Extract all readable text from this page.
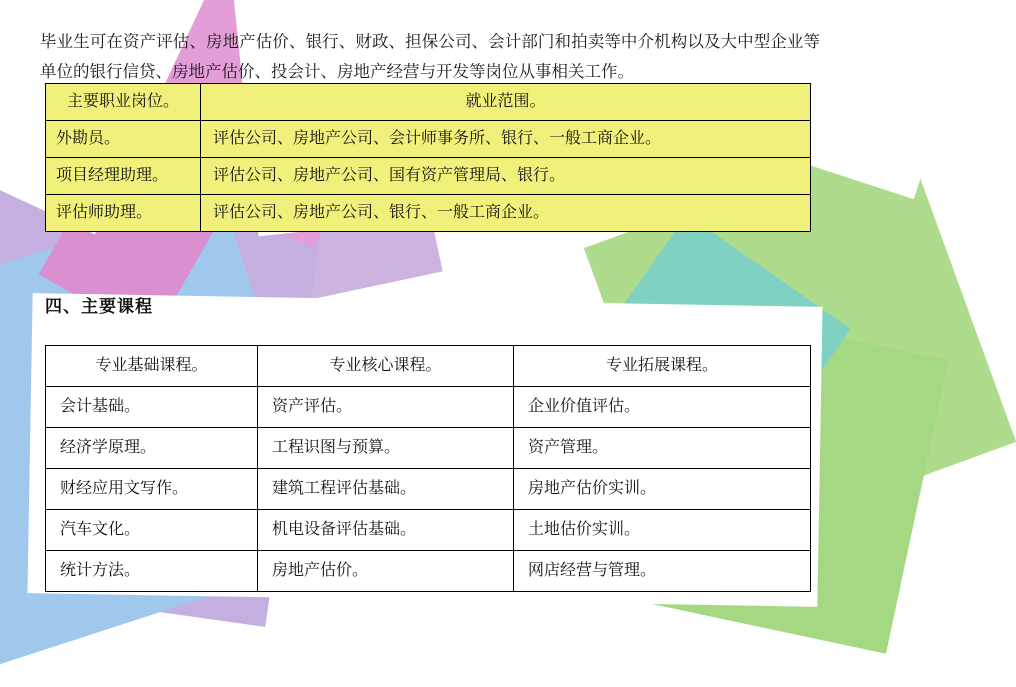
毕业生可在资产评估、房地产估价、银行、财政、担保公司、会计部门和拍卖等中介机构以及大中型企业等单位的银行信贷、房地产估价、投会计、房地产经营与开发等岗位从事相关工作。

主要职业岗位。	就业范围。
外勘员。	评估公司、房地产公司、会计师事务所、银行、一般工商企业。
项目经理助理。	评估公司、房地产公司、国有资产管理局、银行。
评估师助理。	评估公司、房地产公司、银行、一般工商企业。
四、主要课程
专业基础课程。	专业核心课程。	专业拓展课程。
会计基础。	资产评估。	企业价值评估。
经济学原理。	工程识图与预算。	资产管理。
财经应用文写作。	建筑工程评估基础。	房地产估价实训。
汽车文化。	机电设备评估基础。	土地估价实训。
统计方法。	房地产估价。	网店经营与管理。
